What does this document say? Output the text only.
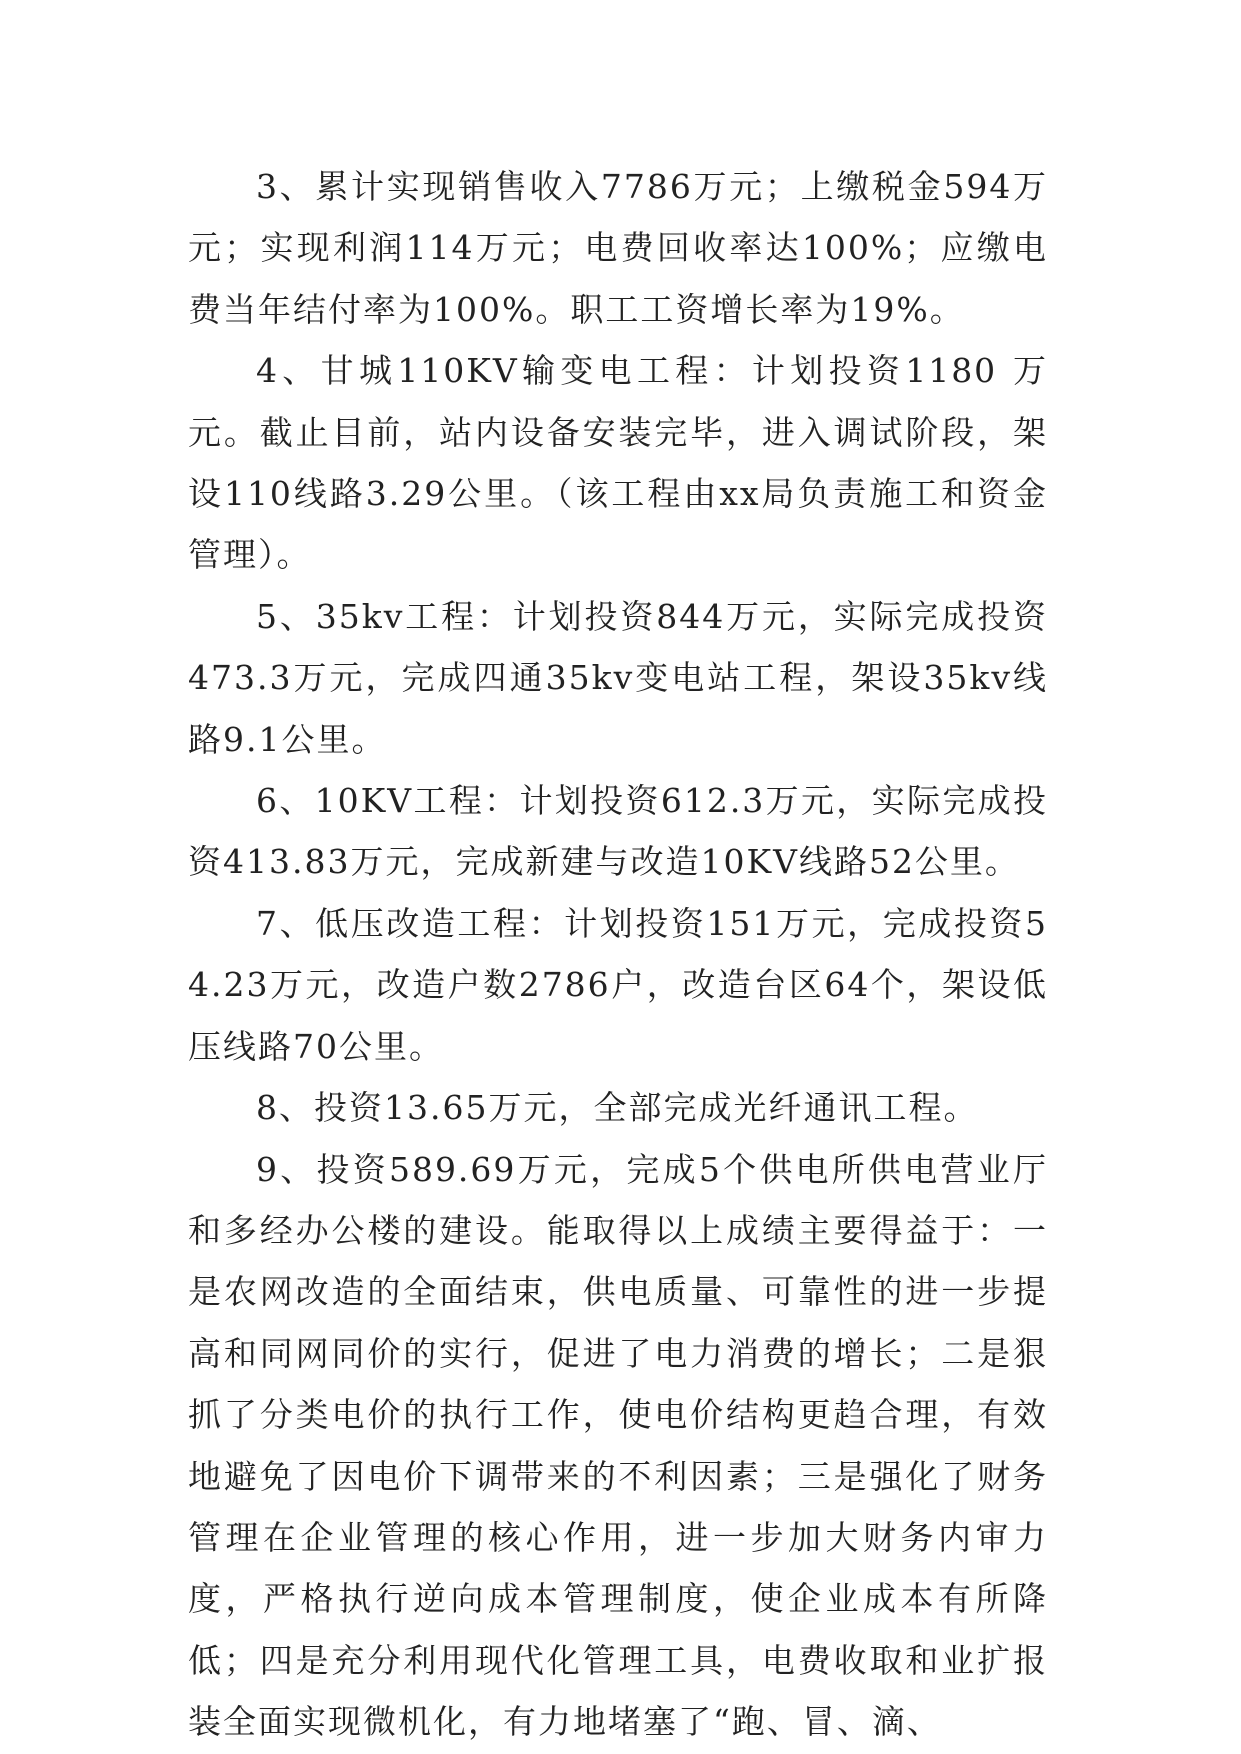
3、累计实现销售收入7786万元；上缴税金594万元；实现利润114万元；电费回收率达100%；应缴电费当年结付率为100%。职工工资增长率为19%。

4、甘城110KV输变电工程：计划投资1180 万元。截止目前，站内设备安装完毕，进入调试阶段，架设110线路3.29公里。（该工程由xx局负责施工和资金管理）。

5、35kv工程：计划投资844万元，实际完成投资473.3万元，完成四通35kv变电站工程，架设35kv线路9.1公里。

6、10KV工程：计划投资612.3万元，实际完成投资413.83万元，完成新建与改造10KV线路52公里。

7、低压改造工程：计划投资151万元，完成投资54.23万元，改造户数2786户，改造台区64个，架设低压线路70公里。

8、投资13.65万元，全部完成光纤通讯工程。

9、投资589.69万元，完成5个供电所供电营业厅和多经办公楼的建设。能取得以上成绩主要得益于：一是农网改造的全面结束，供电质量、可靠性的进一步提高和同网同价的实行，促进了电力消费的增长；二是狠抓了分类电价的执行工作，使电价结构更趋合理，有效地避免了因电价下调带来的不利因素；三是强化了财务管理在企业管理的核心作用，进一步加大财务内审力度，严格执行逆向成本管理制度，使企业成本有所降低；四是充分利用现代化管理工具，电费收取和业扩报装全面实现微机化，有力地堵塞了“跑、冒、滴、
